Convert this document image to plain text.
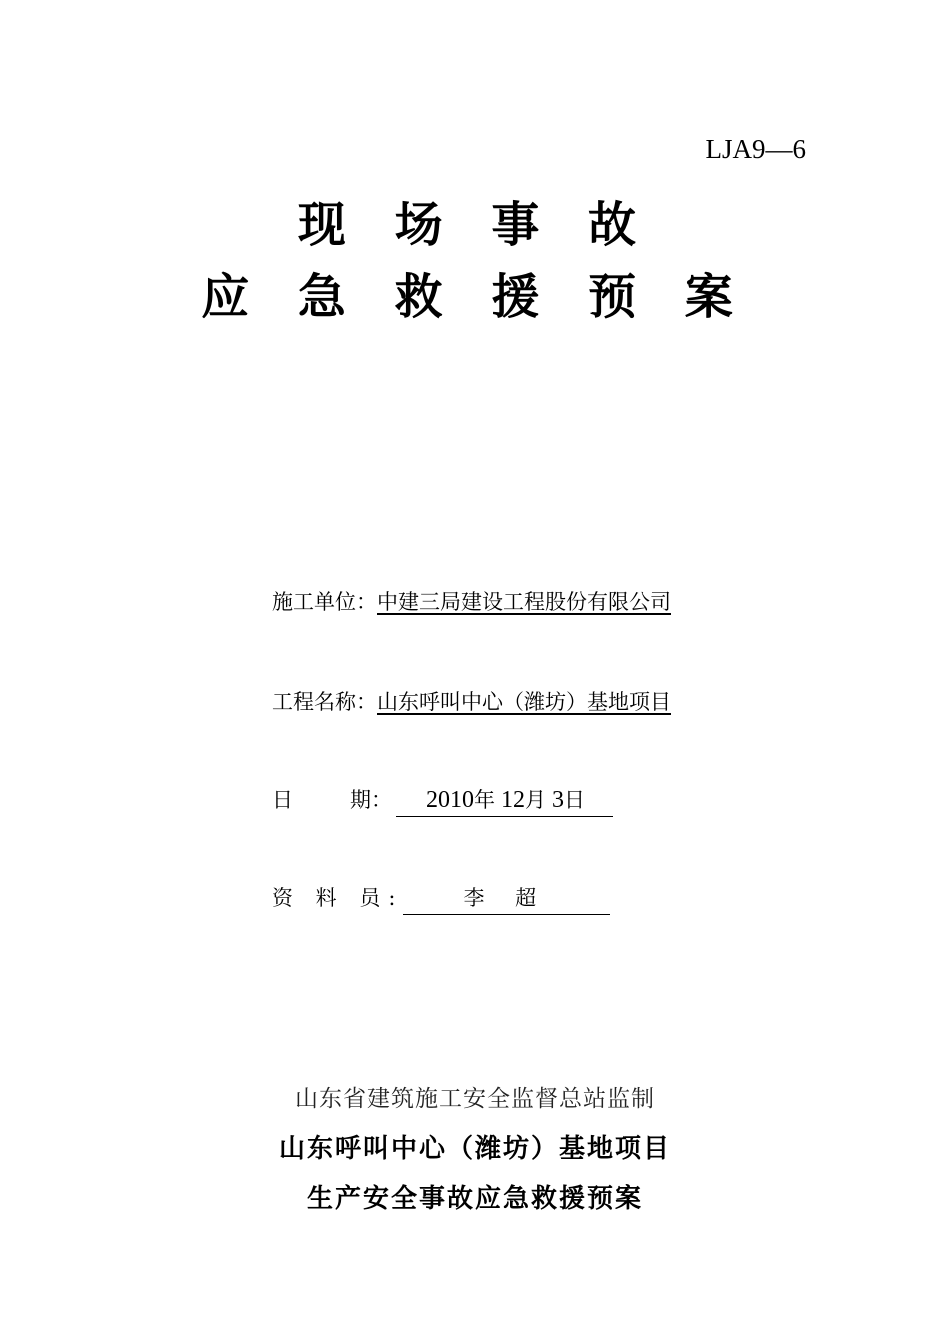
LJA9—6
现 场 事 故
应 急 救 援 预 案
施工单位：中建三局建设工程股份有限公司
工程名称：山东呼叫中心（潍坊）基地项目
日	期： 2010年 12月 3日
资 料 员:	李 超
山东省建筑施工安全监督总站监制
山东呼叫中心（潍坊）基地项目
生产安全事故应急救援预案
